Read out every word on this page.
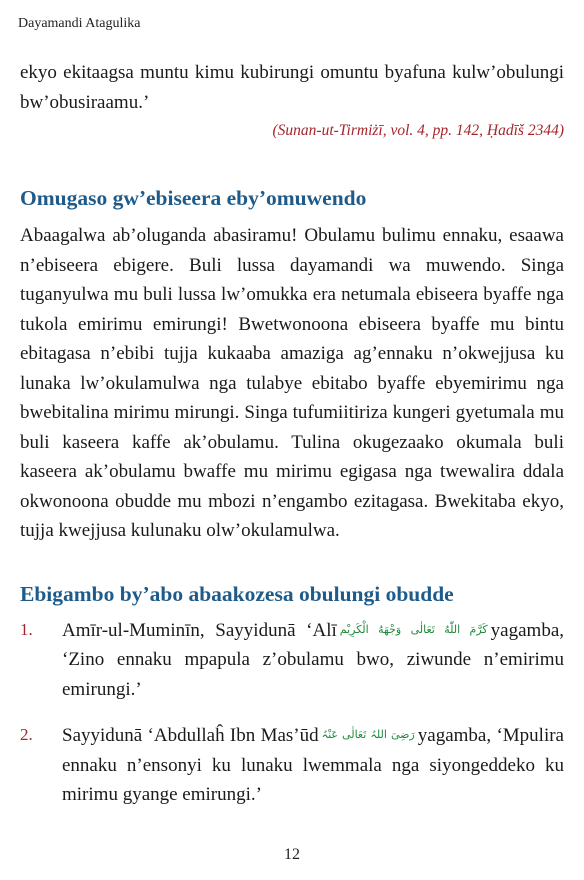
Dayamandi Atagulika

ekyo ekitaagsa muntu kimu kubirungi omuntu byafuna kulw’obulungi bw’obusiraamu.’

(Sunan-ut-Tirmiżī, vol. 4, pp. 142, Ḥadīš 2344)
Omugaso gw’ebiseera eby’omuwendo

Abaagalwa ab’oluganda abasiramu! Obulamu bulimu ennaku, esaawa n’ebiseera ebigere. Buli lussa dayamandi wa muwendo. Singa tuganyulwa mu buli lussa lw’omukka era netumala ebiseera byaffe nga tukola emirimu emirungi! Bwetwonoona ebiseera byaffe mu bintu ebitagasa n’ebibi tujja kukaaba amaziga ag’ennaku n’okwejjusa ku lunaka lw’okulamulwa nga tulabye ebitabo byaffe ebyemirimu nga bwebitalina mirimu mirungi. Singa tufumiitiriza kungeri gyetumala mu buli kaseera kaffe ak’obulamu. Tulina okugezaako okumala buli kaseera ak’obulamu bwaffe mu mirimu egigasa nga twewalira ddala okwonoona obudde mu mbozi n’engambo ezitagasa. Bwekitaba ekyo, tujja kwejjusa kulunaku olw’okulamulwa.

Ebigambo by’abo abaakozesa obulungi obudde
1.	Amīr-ul-Muminīn, Sayyidunā ‘Alī كَرَّمَ اللّٰهُ تَعَالٰى وَجْهَهُ الْكَرِيْم yagamba, ‘Zino ennaku mpapula z’obulamu bwo, ziwunde n’emirimu emirungi.’
2.	Sayyidunā ‘Abdullaĥ Ibn Mas’ūd رَضِیَ اللہُ تَعَالٰی عَنْہُ yagamba, ‘Mpulira ennaku n’ensonyi ku lunaku lwemmala nga siyongeddeko ku mirimu gyange emirungi.’
12
